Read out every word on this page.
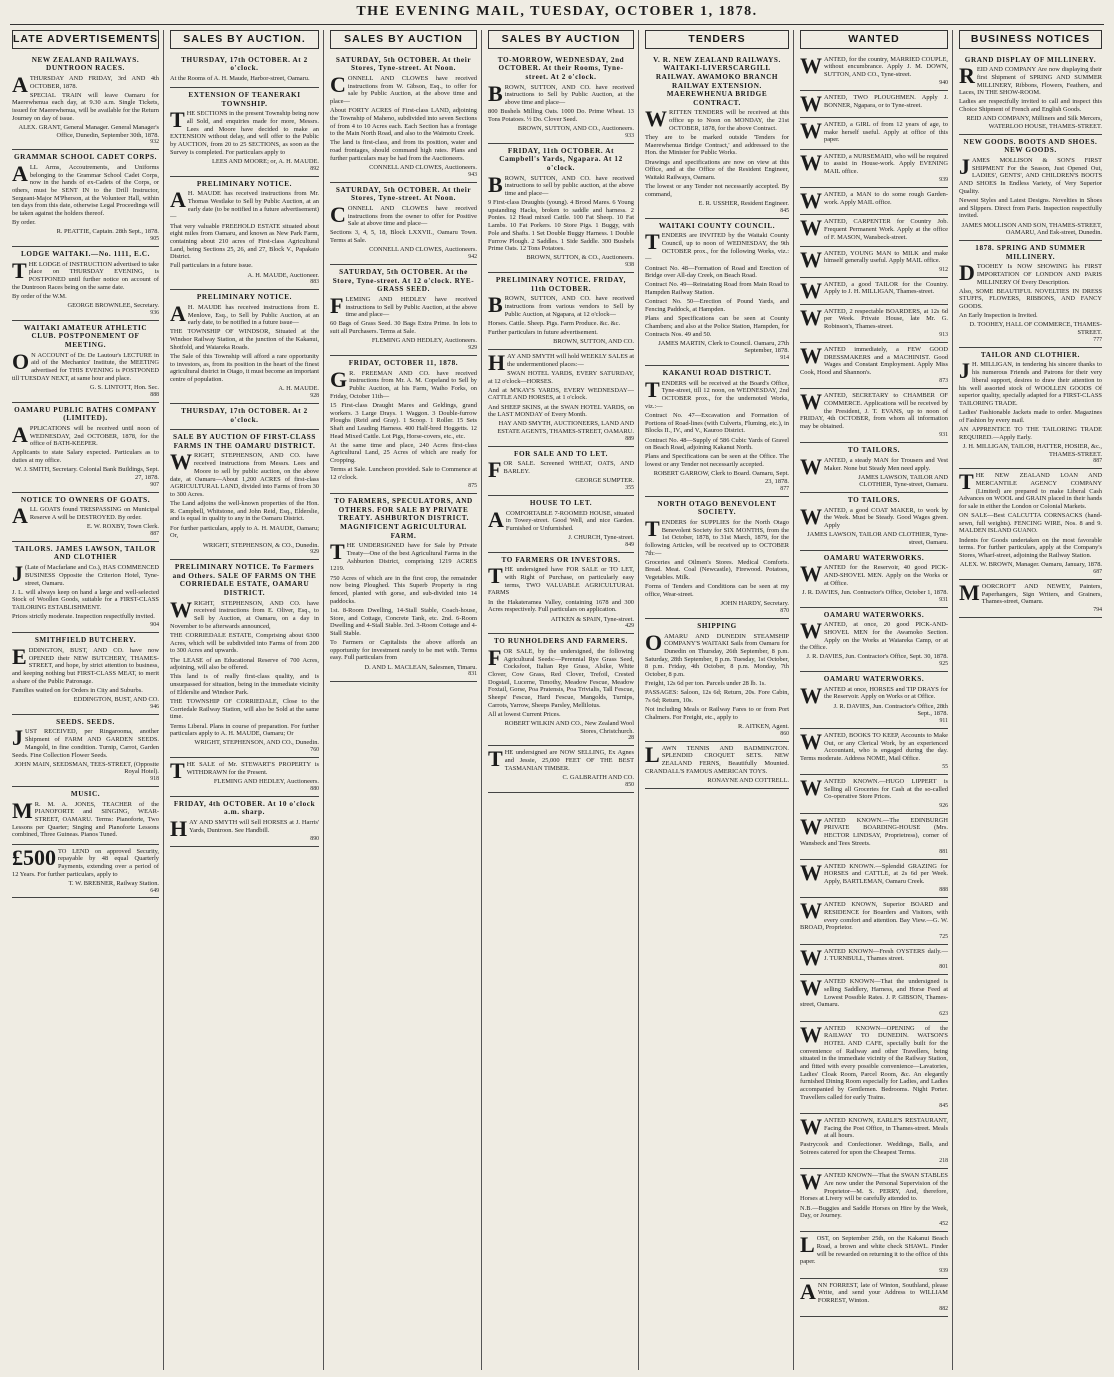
THE EVENING MAIL, TUESDAY, OCTOBER 1, 1878.
LATE ADVERTISEMENTS
NEW ZEALAND RAILWAYS. DUNTROON RACES.

ATHURSDAY AND FRIDAY, 3rd AND 4th OCTOBER, 1878.

SPECIAL TRAIN will leave Oamaru for Maerewhenua each day, at 9.30 a.m. Single Tickets, issued for Maerewhenua, will be available for the Return Journey on day of issue.

ALEX. GRANT, General Manager. General Manager's Office, Dunedin, September 30th, 1878.
932
GRAMMAR SCHOOL CADET CORPS.

ALL Arms, Accoutrements, and Uniforms belonging to the Grammar School Cadet Corps, now in the hands of ex-Cadets of the Corps, or others, must be SENT IN to the Drill Instructor, Sergeant-Major M'Pherson, at the Volunteer Hall, within ten days from this date, otherwise Legal Proceedings will be taken against the holders thereof.

By order.

R. PEATTIE, Captain. 28th Sept., 1878.
905
LODGE WAITAKI.—No. 1111, E.C.

THE LODGE of INSTRUCTION advertised to take place on THURSDAY EVENING, is POSTPONED until further notice on account of the Duntroon Races being on the same date.

By order of the W.M.

GEORGE BROWNLEE, Secretary.
936
WAITAKI AMATEUR ATHLETIC CLUB. POSTPONEMENT OF MEETING.

O N ACCOUNT of Dr. De Lautour's LECTURE in aid of the Mechanics' Institute, the MEETING advertised for THIS EVENING is POSTPONED till TUESDAY NEXT, at same hour and place.

G. S. LINTOTT, Hon. Sec.
888
OAMARU PUBLIC BATHS COMPANY (LIMITED).

APPLICATIONS will be received until noon of WEDNESDAY, 2nd OCTOBER, 1878, for the office of BATH-KEEPER.

Applicants to state Salary expected. Particulars as to duties at my office.

W. J. SMITH, Secretary. Colonial Bank Buildings, Sept. 27, 1878.
907
NOTICE TO OWNERS OF GOATS.

ALL GOATS found TRESPASSING on Municipal Reserve A will be DESTROYED. By order.

E. W. ROXBY, Town Clerk.
887
TAILORS. JAMES LAWSON, TAILOR AND CLOTHIER

J (Late of Macfarlane and Co.), HAS COMMENCED BUSINESS Opposite the Criterion Hotel, Tyne-street, Oamaru.

J. L. will always keep on hand a large and well-selected Stock of Woollen Goods, suitable for a FIRST-CLASS TAILORING ESTABLISHMENT.

Prices strictly moderate. Inspection respectfully invited.

904
SMITHFIELD BUTCHERY.

EDDINGTON, BUST, AND CO. have now OPENED their NEW BUTCHERY, THAMES-STREET, and hope, by strict attention to business, and keeping nothing but FIRST-CLASS MEAT, to merit a share of the Public Patronage.

Families waited on for Orders in City and Suburbs.

EDDINGTON, BUST, AND CO.
946
SEEDS. SEEDS.

JUST RECEIVED, per Ringarooma, another Shipment of FARM AND GARDEN SEEDS. Mangold, in fine condition. Turnip, Carrot, Garden Seeds. Fine Collection Flower Seeds.

JOHN MAIN, SEEDSMAN, TEES-STREET, (Opposite Royal Hotel).
918
MUSIC.

M R. M. A. JONES, TEACHER of the PIANOFORTE and SINGING, WEAR-STREET, OAMARU. Terms: Pianoforte, Two Lessons per Quarter; Singing and Pianoforte Lessons combined, Three Guineas. Pianos Tuned.

£500 TO LEND on approved Security, repayable by 48 equal Quarterly Payments, extending over a period of 12 Years. For further particulars, apply to

T. W. BREBNER, Railway Station.
649
SALES BY AUCTION.
THURSDAY, 17th OCTOBER. At 2 o'clock.

At the Rooms of A. H. Maude, Harbor-street, Oamaru.

EXTENSION OF TEANERAKI TOWNSHIP.

THE SECTIONS in the present Township being now all Sold, and enquiries made for more, Messrs. Lees and Moore have decided to make an EXTENSION without delay, and will offer to the Public by AUCTION, from 20 to 25 SECTIONS, as soon as the Survey is completed. For particulars apply to

LEES AND MOORE; or, A. H. MAUDE.
892
PRELIMINARY NOTICE.

A H. MAUDE has received instructions from Mr. Thomas Westlake to Sell by Public Auction, at an early date (to be notified in a future advertisement)—

That very valuable FREEHOLD ESTATE situated about eight miles from Oamaru, and known as New Park Farm, containing about 210 acres of First-class Agricultural Land, being Sections 25, 26, and 27, Block V., Papakaio District.

Full particulars in a future issue.

A. H. MAUDE, Auctioneer.
883
PRELIMINARY NOTICE.

A H. MAUDE has received instructions from E. Menlove, Esq., to Sell by Public Auction, at an early date, to be notified in a future issue—

THE TOWNSHIP OF WINDSOR, Situated at the Windsor Railway Station, at the junction of the Kakanui, Shotfold, and Waiareka Roads.

The Sale of this Township will afford a rare opportunity to investors, as, from its position in the heart of the finest agricultural district in Otago, it must become an important centre of population.

A. H. MAUDE.
928
THURSDAY, 17th OCTOBER. At 2 o'clock.
SALE BY AUCTION OF FIRST-CLASS FARMS IN THE OAMARU DISTRICT.

WRIGHT, STEPHENSON, AND CO. have received instructions from Messrs. Lees and Moore to sell by public auction, on the above date, at Oamaru—About 1,200 ACRES of first-class AGRICULTURAL LAND, divided into Farms of from 30 to 300 Acres.

The Land adjoins the well-known properties of the Hon. R. Campbell, Whitstone, and John Reid, Esq., Elderslie, and is equal in quality to any in the Oamaru District.

For further particulars, apply to A. H. MAUDE, Oamaru; Or,

WRIGHT, STEPHENSON, & CO., Dunedin.
929
PRELIMINARY NOTICE. To Farmers and Others. SALE OF FARMS ON THE CORRIEDALE ESTATE, OAMARU DISTRICT.

WRIGHT, STEPHENSON, AND CO. have received instructions from E. Oliver, Esq., to Sell by Auction, at Oamaru, on a day in November to be afterwards announced,

THE CORRIEDALE ESTATE, Comprising about 6300 Acres, which will be subdivided into Farms of from 200 to 300 Acres and upwards.

The LEASE of an Educational Reserve of 700 Acres, adjoining, will also be offered.

This land is of really first-class quality, and is unsurpassed for situation, being in the immediate vicinity of Elderslie and Windsor Park.

THE TOWNSHIP OF CORRIEDALE, Close to the Corriedale Railway Station, will also be Sold at the same time.

Terms Liberal. Plans in course of preparation. For further particulars apply to A. H. MAUDE, Oamaru; Or

WRIGHT, STEPHENSON, AND CO., Dunedin.
760

THE SALE of Mr. STEWART'S PROPERTY is WITHDRAWN for the Present.

FLEMING AND HEDLEY, Auctioneers.
880
FRIDAY, 4th OCTOBER. At 10 o'clock a.m. sharp.

HAY AND SMYTH will Sell HORSES at J. Harris' Yards, Duntroon. See Handbill.

890
SALES BY AUCTION
SATURDAY, 5th OCTOBER. At their Stores, Tyne-street. At Noon.

CONNELL AND CLOWES have received instructions from W. Gibson, Esq., to offer for sale by Public Auction, at the above time and place—

About FORTY ACRES of First-class LAND, adjoining the Township of Maheno, subdivided into seven Sections of from 4 to 10 Acres each. Each Section has a frontage to the Main North Road, and also to the Waimotu Creek.

The land is first-class, and from its position, water and road frontages, should command high rates. Plans and further particulars may be had from the Auctioneers.

CONNELL AND CLOWES, Auctioneers.
943
SATURDAY, 5th OCTOBER. At their Stores, Tyne-street. At Noon.

CONNELL AND CLOWES have received instructions from the owner to offer for Positive Sale at above time and place—

Sections 3, 4, 5, 18, Block LXXVII., Oamaru Town. Terms at Sale.

CONNELL AND CLOWES, Auctioneers.
942
SATURDAY, 5th OCTOBER. At the Store, Tyne-street. At 12 o'clock. RYE-GRASS SEED.

FLEMING AND HEDLEY have received instructions to Sell by Public Auction, at the above time and place—

60 Bags of Grass Seed. 30 Bags Extra Prime. In lots to suit all Purchasers. Terms at Sale.

FLEMING AND HEDLEY, Auctioneers.
929
FRIDAY, OCTOBER 11, 1878.

G R. FREEMAN AND CO. have received instructions from Mr. A. M. Copeland to Sell by Public Auction, at his Farm, Waiho Forks, on Friday, October 11th—

15 First-class Draught Mares and Geldings, grand workers. 3 Large Drays. 1 Waggon. 3 Double-furrow Ploughs (Reid and Gray). 1 Scoop. 1 Roller. 15 Sets Shaft and Leading Harness. 400 Half-bred Hoggetts. 12 Head Mixed Cattle. Lot Pigs, Horse-covers, etc., etc.

At the same time and place, 240 Acres first-class Agricultural Land, 25 Acres of which are ready for Cropping.

Terms at Sale. Luncheon provided. Sale to Commence at 12 o'clock.

875
TO FARMERS, SPECULATORS, AND OTHERS. FOR SALE BY PRIVATE TREATY. ASHBURTON DISTRICT. MAGNIFICENT AGRICULTURAL FARM.

THE UNDERSIGNED have for Sale by Private Treaty—One of the best Agricultural Farms in the Ashburton District, comprising 1219 ACRES 1219.

750 Acres of which are in the first crop, the remainder now being Ploughed. This Superb Property is ring fenced, planted with gorse, and sub-divided into 14 paddocks.

1st. 8-Room Dwelling, 14-Stall Stable, Coach-house, Store, and Cottage, Concrete Tank, etc. 2nd. 6-Room Dwelling and 4-Stall Stable. 3rd. 3-Room Cottage and 4-Stall Stable.

To Farmers or Capitalists the above affords an opportunity for investment rarely to be met with. Terms easy. Full particulars from

D. AND L. MACLEAN, Salesmen, Timaru.
831
SALES BY AUCTION
TO-MORROW, WEDNESDAY, 2nd OCTOBER. At their Rooms, Tyne-street. At 2 o'clock.

BROWN, SUTTON, AND CO. have received instructions to Sell by Public Auction, at the above time and place—

800 Bushels Milling Oats. 1000 Do. Prime Wheat. 13 Tons Potatoes. ½ Do. Clover Seed.

BROWN, SUTTON, AND CO., Auctioneers.
933
FRIDAY, 11th OCTOBER. At Campbell's Yards, Ngapara. At 12 o'clock.

BROWN, SUTTON, AND CO. have received instructions to sell by public auction, at the above time and place—

9 First-class Draughts (young). 4 Brood Mares. 6 Young upstanding Hacks, broken to saddle and harness. 2 Ponies. 12 Head mixed Cattle. 100 Fat Sheep. 10 Fat Lambs. 10 Fat Porkers. 10 Store Pigs. 1 Buggy, with Pole and Shafts. 1 Set Double Buggy Harness. 1 Double Furrow Plough. 2 Saddles. 1 Side Saddle. 300 Bushels Prime Oats. 12 Tons Potatoes.

BROWN, SUTTON, & CO., Auctioneers.
938
PRELIMINARY NOTICE. FRIDAY, 11th OCTOBER.

BROWN, SUTTON, AND CO. have received instructions from various vendors to Sell by Public Auction, at Ngapara, at 12 o'clock—

Horses. Cattle. Sheep. Pigs. Farm Produce. &c. &c.

Further particulars in future advertisement.

BROWN, SUTTON, AND CO.

HAY AND SMYTH will hold WEEKLY SALES at the undermentioned places:—

SWAN HOTEL YARDS, EVERY SATURDAY, at 12 o'clock—HORSES.

And at M'KAY'S YARDS, EVERY WEDNESDAY—CATTLE AND HORSES, at 1 o'clock.

And SHEEP SKINS, at the SWAN HOTEL YARDS, on the LAST MONDAY of Every Month.

HAY AND SMYTH, AUCTIONEERS, LAND AND ESTATE AGENTS, THAMES-STREET, OAMARU.
889
FOR SALE AND TO LET.

FOR SALE. Screened WHEAT, OATS, AND BARLEY.

GEORGE SUMPTER.
355
HOUSE TO LET.

ACOMFORTABLE 7-ROOMED HOUSE, situated in Towey-street. Good Well, and nice Garden. Furnished or Unfurnished.

J. CHURCH, Tyne-street.
849
TO FARMERS OR INVESTORS.

THE undersigned have FOR SALE or TO LET, with Right of Purchase, on particularly easy terms, TWO VALUABLE AGRICULTURAL FARMS

In the Hakateramea Valley, containing 1678 and 300 Acres respectively. Full particulars on application.

AITKEN & SPAIN, Tyne-street.
429
TO RUNHOLDERS AND FARMERS.

FOR SALE, by the undersigned, the following Agricultural Seeds:—Perennial Rye Grass Seed, Cocksfoot, Italian Rye Grass, Alsike, White Clover, Cow Grass, Red Clover, Trefoil, Crested Dogstail, Lucerne, Timothy, Meadow Fescue, Meadow Foxtail, Gorse, Poa Pratensis, Poa Trivialis, Tall Fescue, Sheeps' Fescue, Hard Fescue, Mangolds, Turnips, Carrots, Yarrow, Sheeps Parsley, Mellilotus.

All at lowest Current Prices.

ROBERT WILKIN AND CO., New Zealand Wool Stores, Christchurch.
28

THE undersigned are NOW SELLING, Ex Agnes and Jessie, 25,000 FEET OF THE BEST TASMANIAN TIMBER.

C. GALBRAITH AND CO.
850
TENDERS
V. R. NEW ZEALAND RAILWAYS. WAITAKI-LIVERSCARGILL RAILWAY. AWAMOKO BRANCH RAILWAY EXTENSION. MAEREWHENUA BRIDGE CONTRACT.

WRITTEN TENDERS will be received at this office up to Noon on MONDAY, the 21st OCTOBER, 1878, for the above Contract.

They are to be marked outside 'Tenders for Maerewhenua Bridge Contract,' and addressed to the Hon. the Minister for Public Works.

Drawings and specifications are now on view at this Office, and at the Office of the Resident Engineer, Waitaki Railways, Oamaru.

The lowest or any Tender not necessarily accepted. By command,

E. R. USSHER, Resident Engineer.
845
WAITAKI COUNTY COUNCIL.

TENDERS are INVITED by the Waitaki County Council, up to noon of WEDNESDAY, the 9th OCTOBER prox., for the following Works, viz.:—

Contract No. 48—Formation of Road and Erection of Bridge over All-day Creek, on Beach Road.

Contract No. 49—Reinstating Road from Main Road to Hampden Railway Station.

Contract No. 50—Erection of Pound Yards, and Fencing Paddock, at Hampden.

Plans and Specifications can be seen at County Chambers; and also at the Police Station, Hampden, for Contracts Nos. 49 and 50.

JAMES MARTIN, Clerk to Council. Oamaru, 27th September, 1878.
914
KAKANUI ROAD DISTRICT.

TENDERS will be received at the Board's Office, Tyne-street, till 12 noon, on WEDNESDAY, 2nd OCTOBER prox., for the undernoted Works, viz.:—

Contract No. 47—Excavation and Formation of Portions of Road-lines (with Culverts, Fluming, etc.), in Blocks II., IV., and V., Kauroo District.

Contract No. 48—Supply of 586 Cubic Yards of Gravel on Beach Road, adjoining Kakanui North.

Plans and Specifications can be seen at the Office. The lowest or any Tender not necessarily accepted.

ROBERT GARROW, Clerk to Board. Oamaru, Sept. 23, 1878.
877
NORTH OTAGO BENEVOLENT SOCIETY.

TENDERS for SUPPLIES for the North Otago Benevolent Society for SIX MONTHS, from the 1st October, 1878, to 31st March, 1879, for the following Articles, will be received up to OCTOBER 7th:—

Groceries and Oilmen's Stores. Medical Comforts. Bread. Meat. Coal (Newcastle), Firewood. Potatoes, Vegetables. Milk.

Forms of Tenders and Conditions can be seen at my office, Wear-street.

JOHN HARDY, Secretary.
870
SHIPPING

OAMARU AND DUNEDIN STEAMSHIP COMPANY'S WAITAKI Sails from Oamaru for Dunedin on Thursday, 26th September, 8 p.m. Saturday, 28th September, 8 p.m. Tuesday, 1st October, 8 p.m. Friday, 4th October, 8 p.m. Monday, 7th October, 8 p.m.

Freight, 12s 6d per ton. Parcels under 28 lb. 1s.

PASSAGES: Saloon, 12s 6d; Return, 20s. Fore Cabin, 7s 6d; Return, 10s.

Not including Meals or Railway Fares to or from Port Chalmers. For Freight, etc., apply to

R. AITKEN, Agent.
860

LAWN TENNIS AND BADMINGTON. SPLENDID CROQUET SETS. NEW ZEALAND FERNS, Beautifully Mounted. CRANDALL'S FAMOUS AMERICAN TOYS.

RONAYNE AND COTTRELL.
WANTED

WANTED, for the country, MARRIED COUPLE, without encumbrance. Apply J. M. DOWN, SUTTON, AND CO., Tyne-street.

940

WANTED, TWO PLOUGHMEN. Apply J. BONNER, Ngapara, or to Tyne-street.

WANTED, a GIRL of from 12 years of age, to make herself useful. Apply at office of this paper.

WANTED, a NURSEMAID, who will be required to assist in House-work. Apply EVENING MAIL office.

939

WANTED, a MAN to do some rough Garden-work. Apply MAIL office.

WANTED, CARPENTER for Country Job. Frequent Permanent Work. Apply at the office of F. MASON, Wansbeck-street.

WANTED, YOUNG MAN to MILK and make himself generally useful. Apply MAIL office.

912

WANTED, a good TAILOR for the Country. Apply to J. H. MILLIGAN, Thames-street.

WANTED, 2 respectable BOARDERS, at 12s 6d per Week. Private House, late Mr. G. Robinson's, Thames-street.

913

WANTED immediately, a FEW GOOD DRESSMAKERS and a MACHINIST. Good Wages and Constant Employment. Apply Miss Cook, Hood and Shannon's.

873

WANTED, SECRETARY to CHAMBER OF COMMERCE. Applications will be received by the President, J. T. EVANS, up to noon of FRIDAY, 4th OCTOBER, from whom all information may be obtained.

931
TO TAILORS.

WANTED, a steady MAN for Trousers and Vest Maker. None but Steady Men need apply.

JAMES LAWSON, TAILOR AND CLOTHIER, Tyne-street, Oamaru.
TO TAILORS.

WANTED, a good COAT MAKER, to work by the Week. Must be Steady. Good Wages given. Apply

JAMES LAWSON, TAILOR AND CLOTHIER, Tyne-street, Oamaru.
OAMARU WATERWORKS.

WANTED for the Reservoir, 40 good PICK-AND-SHOVEL MEN. Apply on the Works or at Office.

J. R. DAVIES, Jun. Contractor's Office, October 1, 1878.
931
OAMARU WATERWORKS.

WANTED, at once, 20 good PICK-AND-SHOVEL MEN for the Awamoko Section. Apply on the Works at Waiareka Camp, or at the Office.

J. R. DAVIES, Jun. Contractor's Office, Sept. 30, 1878.
925
OAMARU WATERWORKS.

WANTED at once, HORSES and TIP DRAYS for the Reservoir. Apply on Works or at Office.

J. R. DAVIES, Jun. Contractor's Office, 28th Sept., 1878.
911

WANTED, BOOKS TO KEEP, Accounts to Make Out, or any Clerical Work, by an experienced Accountant, who is engaged during the day. Terms moderate. Address NOME, Mail Office.

55

WANTED KNOWN.—HUGO LIPPERT is Selling all Groceries for Cash at the so-called Co-operative Store Prices.

926

WANTED KNOWN.—The EDINBURGH PRIVATE BOARDING-HOUSE (Mrs. HECTOR LINDSAY, Proprietress), corner of Wansbeck and Tees Streets.

881

WANTED KNOWN.—Splendid GRAZING for HORSES and CATTLE, at 2s 6d per Week. Apply, BARTLEMAN, Oamaru Creek.

888

WANTED KNOWN, Superior BOARD and RESIDENCE for Boarders and Visitors, with every comfort and attention. Bay View.—G. W. BROAD, Proprietor.

725

WANTED KNOWN—Fresh OYSTERS daily.—J. TURNBULL, Thames street.

801

WANTED KNOWN—That the undersigned is selling Saddlery, Harness, and Horse Feed at Lowest Possible Rates. J. P. GIBSON, Thames-street, Oamaru.

623

WANTED KNOWN—OPENING of the RAILWAY TO DUNEDIN. WATSON'S HOTEL AND CAFE, specially built for the convenience of Railway and other Travellers, being situated in the immediate vicinity of the Railway Station, and fitted with every possible convenience—Lavatories, Ladies' Cloak Room, Parcel Room, &c. An elegantly furnished Dining Room especially for Ladies, and Ladies accompanied by Gentlemen. Bedrooms. Night Porter. Travellers called for early Trains.

845

WANTED KNOWN, EARLE'S RESTAURANT, Facing the Post Office, in Thames-street. Meals at all hours.

Pastrycook and Confectioner. Weddings, Balls, and Soirees catered for upon the Cheapest Terms.

218

WANTED KNOWN—That the SWAN STABLES Are now under the Personal Supervision of the Proprietor—M. S. PERRY, And, therefore, Horses at Livery will be carefully attended to.

N.B.—Buggies and Saddle Horses on Hire by the Week, Day, or Journey.

452

LOST, on September 25th, on the Kakanui Beach Road, a brown and white check SHAWL. Finder will be rewarded on returning it to the office of this paper.

939

ANN FORREST, late of Winton, Southland, please Write, and send your Address to WILLIAM FORREST, Winton.

882
BUSINESS NOTICES
GRAND DISPLAY OF MILLINERY.

REID AND COMPANY Are now displaying their first Shipment of SPRING AND SUMMER MILLINERY, Ribbons, Flowers, Feathers, and Laces, IN THE SHOW-ROOM.

Ladies are respectfully invited to call and inspect this Choice Shipment of French and English Goods.

REID AND COMPANY, Milliners and Silk Mercers, WATERLOO HOUSE, THAMES-STREET.
NEW GOODS. BOOTS AND SHOES. NEW GOODS.

JAMES MOLLISON & SON'S FIRST SHIPMENT For the Season, Just Opened Out, LADIES', GENTS', AND CHILDREN'S BOOTS AND SHOES In Endless Variety, of Very Superior Quality.

Newest Styles and Latest Designs. Novelties in Shoes and Slippers. Direct from Paris. Inspection respectfully invited.

JAMES MOLLISON AND SON, THAMES-STREET, OAMARU, And Esk-street, Dunedin.
1878. SPRING AND SUMMER MILLINERY.

DTOOHEY Is NOW SHOWING his FIRST IMPORTATION OF LONDON AND PARIS MILLINERY Of Every Description.

Also, SOME BEAUTIFUL NOVELTIES IN DRESS STUFFS, FLOWERS, RIBBONS, AND FANCY GOODS.

An Early Inspection is Invited.

D. TOOHEY, HALL OF COMMERCE, THAMES-STREET.
777
TAILOR AND CLOTHIER.

J H. MILLIGAN, in tendering his sincere thanks to his numerous Friends and Patrons for their very liberal support, desires to draw their attention to his well assorted stock of WOOLLEN GOODS Of superior quality, specially adapted for a FIRST-CLASS TAILORING TRADE.

Ladies' Fashionable Jackets made to order. Magazines of Fashion by every mail.

AN APPRENTICE TO THE TAILORING TRADE REQUIRED.—Apply Early.

J. H. MILLIGAN, TAILOR, HATTER, HOSIER, &c., THAMES-STREET.
887

THE NEW ZEALAND LOAN AND MERCANTILE AGENCY COMPANY (Limited) are prepared to make Liberal Cash Advances on WOOL and GRAIN placed in their hands for sale in either the London or Colonial Markets.

ON SALE—Best CALCUTTA CORNSACKS (hand-sewn, full weights). FENCING WIRE, Nos. 8 and 9. MALDEN ISLAND GUANO.

Indents for Goods undertaken on the most favorable terms. For further particulars, apply at the Company's Stores, Wharf-street, adjoining the Railway Station.

ALEX. W. BROWN, Manager. Oamaru, January, 1878.
687

MOORCROFT AND NEWEY, Painters, Paperhangers, Sign Writers, and Grainers, Thames-street, Oamaru.

794
